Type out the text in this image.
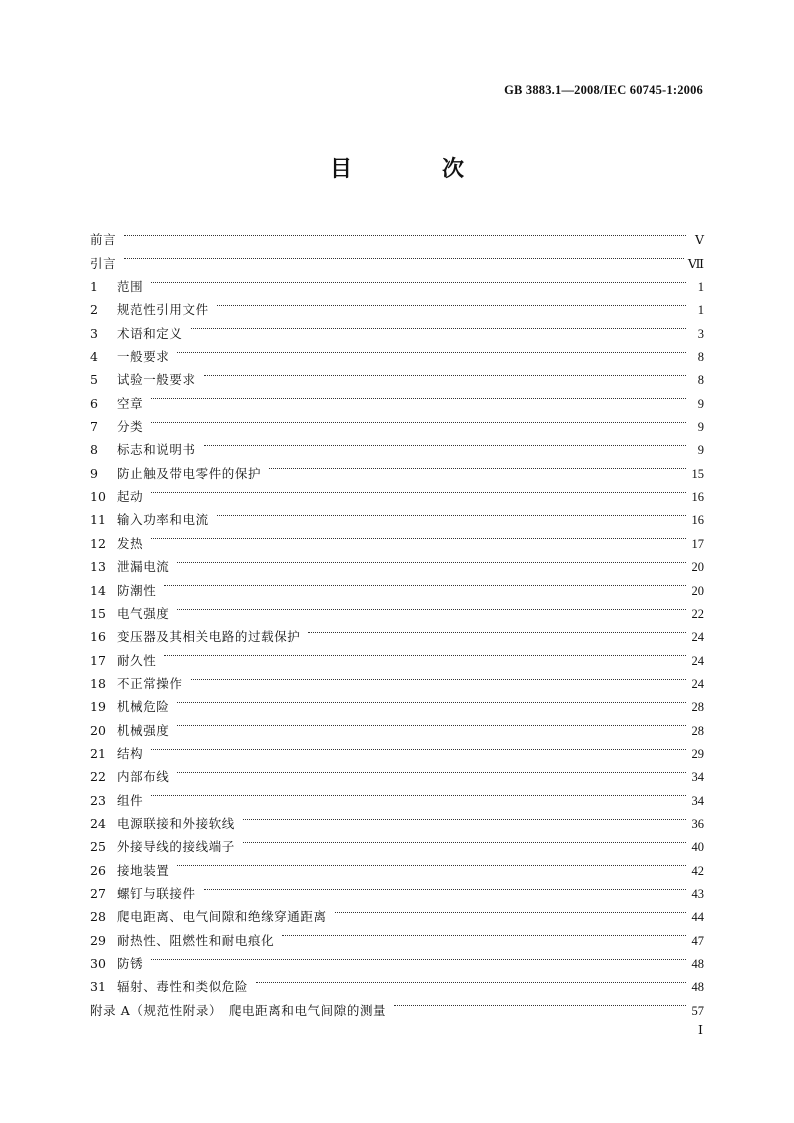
GB 3883.1—2008/IEC 60745-1:2006
目　次
前言	Ⅴ
引言	Ⅶ
1	范围	1
2	规范性引用文件	1
3	术语和定义	3
4	一般要求	8
5	试验一般要求	8
6	空章	9
7	分类	9
8	标志和说明书	9
9	防止触及带电零件的保护	15
10 起动	16
11 输入功率和电流	16
12 发热	17
13 泄漏电流	20
14 防潮性	20
15 电气强度	22
16 变压器及其相关电路的过载保护	24
17 耐久性	24
18 不正常操作	24
19 机械危险	28
20 机械强度	28
21 结构	29
22 内部布线	34
23 组件	34
24 电源联接和外接软线	36
25 外接导线的接线端子	40
26 接地装置	42
27 螺钉与联接件	43
28 爬电距离、电气间隙和绝缘穿通距离	44
29 耐热性、阻燃性和耐电痕化	47
30 防锈	48
31 辐射、毒性和类似危险	48
附录 A（规范性附录）　爬电距离和电气间隙的测量	57
Ⅰ
